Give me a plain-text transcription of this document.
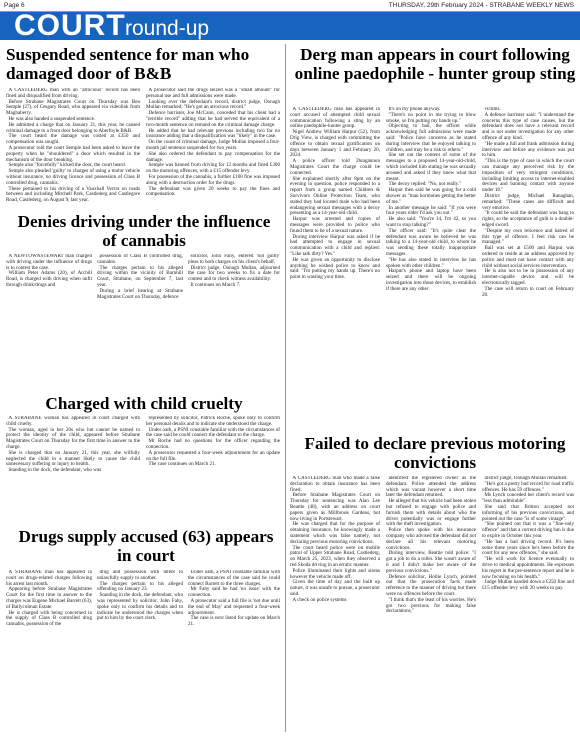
Page 6	THURSDAY, 29th February 2024 - STRABANE WEEKLY NEWS
COURT round-up
Suspended sentence for man who damaged door of B&B

A CASTLEDERG man with an "atrocious" record has been fined and disqualified from driving.

Before Strabane Magistrates Court on Thursday was Ben Semple (27), of Cesgary Road, who appeared via videolink from Maghaberry.

He was also handed a suspended sentence.

He admitted a charge that on January 21, this year, he caused criminal damage to a front door belonging to Aberfoyle B&B.

The court heard the damage was costed at £350 and compensation was sought.

A prosecutor told the court Semple had been asked to leave the property when he "shouldered" a door which resulted in the mechanism of the door breaking.

Semple also "forcefully" kicked the door, the court heard.

Semple also pleaded 'guilty' to charges of using a motor vehicle without insurance, no driving licence and possession of Class B controlled drug, cannabis.

These pertained to his driving of a Vauxhall Vectra on roads between and including Mitchell Park, Castlederg and Castlegore Road, Castlederg, on August 9, last year.

A prosecutor said the drugs seized was a "small amount" for personal use and full admissions were made.

Looking over the defendant's record, district judge, Oonagh Mullan remarked: "He's got an atrocious record."

Defence barrister, Joe McCann, conceded that his client had a "terrible record" adding that he had served the equivalent of a two-month sentence on remand on the criminal damage charge.

He added that he had relevant previous including two for no insurance adding that a disqualification was "likely" in the case.

On the count of criminal damage, Judge Mullan imposed a four-month jail sentence suspended for two years.

She also ordered the defendant to pay compensation for the damage.

Semple was banned from driving for 12 months and fined £300 on the motoring offences, with a £15 offender levy.

For possession of the cannabis, a further £100 fine was imposed along with a destruction order for the drugs.

The defendant was given 20 weeks to pay the fines and compensation.

Derg man appears in court following online paedophile - hunter group sting

A CASTLEDERG man has appeared in court accused of attempted child sexual communication following a sting by an online paedophile-hunter group.

Nigel Andrew William Harpur (52), from Drig View, is charged with committing the offence to obtain sexual gratification on days between January 1 and February 20, 2024.

A police officer told Dungannon Magistrates Court the charge could be connected.

She explained shortly after 8pm on the evening in question, police responded to a report from a group named Children & Survivors Online Protection Team, who stated they had located male who had been endangering sexual messages with a decoy presenting as a 14-year-old child.

Harpur was arrested and copies of messages were provided to police who found them to be of a sexual nature.

During interview Harpur was asked if he had attempted to engage in sexual communication with a child and replied: "Like talk dirty? Yes."

He was given an opportunity to disclose anything he wished police to know and said: "I'm putting my hands up. There's no point in wasting your time.

It's on my phone anyway.

"There's no point in me trying to blow smoke, so I'm putting my hands up."

Objecting to bail, the officer while acknowledging full admissions were made said: "Police have concerns as he stated during interview that he enjoyed talking to children, and may be a risk to others."

She set out the content of some of the messages to a proposed 14-year-old-child, which included him stating he was sexually aroused and asked if they knew what that meant.

The decoy replied: "No, not really."

Harpur then said he was going for a cold shower as "man hormones getting the better of me."

In another message he said: "If you were four years older I'd ask you out."

He also said: "You're 14, I'm 42, so you want to stop talking?"

The officer said: "It's quite clear the defendant was aware he believed he was talking to a 14-year-old child, to whom he was sending these totally inappropriate messages.

"He has also stated in interview he has spoken with other children."

Harpur's phone and laptop have been seized and there will be ongoing investigation into those devices, to establish if there are any other

victims.

A defence barrister said: "I understand the concerns this type of case causes, but the defendant does not have a relevant record and is not under investigation for any other offence of any kind.

"He made a full and frank admission during interview and before any evidence was put to him.

"This is the type of case in which the court can manage any perceived risk by the imposition of very stringent conditions, including limiting access to internet-enabled devices and banning contact with anyone under 18."

District judge, Michael Ranaghan, remarked: "These cases are difficult and very emotive.

"It could be said the defendant was bang to rights, so the acceptance of guilt is a double-edged sword.

"Despite my own reticence and hatred of this type of offence, I feel risk can be managed."

Bail was set at £500 and Harpur was ordered to reside at an address approved by police and must not have contact with any child without social services intervention.

He is also not to be in possession of any internet-capable device and will be electronically tagged.

The case will return to court on February 28.

Denies driving under the influence of cannabis

A NEWTOWNSTEWART man charged with driving under the influence of drugs is to contest the case.

William Peter Adams (20), of Archill Road, is charged with driving when unfit through drink/drugs and

possession of Class B controlled drug, cannabis.

The charges pertain to his alleged driving within the vicinity of Barnhill Court, Strabane, on September 7, last year.

During a brief hearing at Strabane Magistrates Court on Thursday, defence

solicitor, John Fahy, entered 'not guilty' pleas to both charges on his client's behalf.

District judge, Oonagh Mullan, adjourned the case for two weeks to fix a date for contest and to check witness availability.

It continues on March 7.

Charged with child cruelty

A STRABANE woman has appeared in court charged with child cruelty.

The woman, aged in her 20s who but cannot be named to protect the identity of the child, appeared before Strabane Magistrates Court on Thursday for the first time in answer to the charge.

She is charged that on January 21, this year, she wilfully neglected the child in a manner likely to cause the child unnecessary suffering or injury to health.

Standing in the dock, the defendant, who was

represented by solicitor, Patrick Roche, spoke only to confirm her personal details and to indicate she understood the charge.

Under oath, a PSNI constable familiar with the circumstances of the case said he could connect the defendant to the charge.

Mr Roche had no questions for the officer regarding the connection.

A prosecutor requested a four-week adjournment for an update on the full file.

The case continues on March 21.

Failed to declare previous motoring convictions

A CASTLEDERG man who made a false declaration to obtain insurance has been fined.

Before Strabane Magistrates Court on Thursday for sentencing was Alan Lee Beattie (48), with an address on court papers given as Millbrook Gardens, but now living in Portstewart.

He was charged that for the purpose of obtaining insurance, he knowingly made a statement which was false namely, not declaring previous motoring convictions.

The court heard police were on mobile patrol of Upper Strabane Road, Castlederg, on March 25, 2023, when they observed a red Skoda driving in an erratic manner.

Police illuminated their lights and sirens however the vehicle made off.

Given the time of day and the built up nature, it was unsafe to pursue, a prosecutor said.

A check on police systems

identified the registered owner as the defendant. Police attended the address which was vacant however a short time later the defendant returned.

He alleged that his vehicle had been stolen but refused to engage with police and furnish them with details about who the driver potentially was or engage further with the theft investigation.

Police then spoke with his insurance company who advised the defendant did not declare all his relevant motoring convictions.

During interview, Beattie told police: "I got a job to do a roller. She wasn't aware of it and I didn't make her aware of the previous convictions."

Defence solicitor, Hollie Lynch, pointed out that the prosecution facts made reference to the manner of driving but there were no offences before the court.

"I think that's the least of his worries. He's got two previous for making false declarations,"

district judge, Oonagh Mullan remarked.

"He's got a pretty bad record for road traffic offences. He has 59 offences."

Ms Lynch conceded her client's record was "less than admirable".

She said that Britton accepted not informing of his previous convictions, and pointed out the case "is of some vintage".

"She pointed out that it was a "fine-only offence" and that a current driving ban is due to expire in October this year.

"He has a bad driving record. It's been some three years since he's been before the court for any new offences," she said.

"He will work for licence eventually to drive to medical appointments. He expresses his regret in the pre-sentence report and he is now focusing on his health."

Judge Mullan handed down a £250 fine and £15 offender levy with 20 weeks to pay.

Drugs supply accused (63) appears in court

A STRABANE man has appeared in court on drugs-related charges following his arrest last month.

Appearing before Strabane Magistrates Court for the first time in answer to the charges was Eugene Michael Barrett (63), of Ballycolman Estate.

He is charged with being concerned in the supply of Class B controlled drug cannabis, possession of the

drug and possession with intent to unlawfully supply to another.

The charges pertain to his alleged offending on January 23.

Standing in the dock, the defendant, who was represented by solicitor, John Fahy, spoke only to confirm his details and to indicate he understood the charges when put to him by the court clerk.

Under oath, a PSNI constable familiar with the circumstances of the case said he could connect Barrett to the three charges.

Mr Fahy said he had 'no issue' with the connection.

A prosecutor said a full file is 'not due until the end of May' and requested a four-week adjournment.

The case is next listed for update on March 21.
